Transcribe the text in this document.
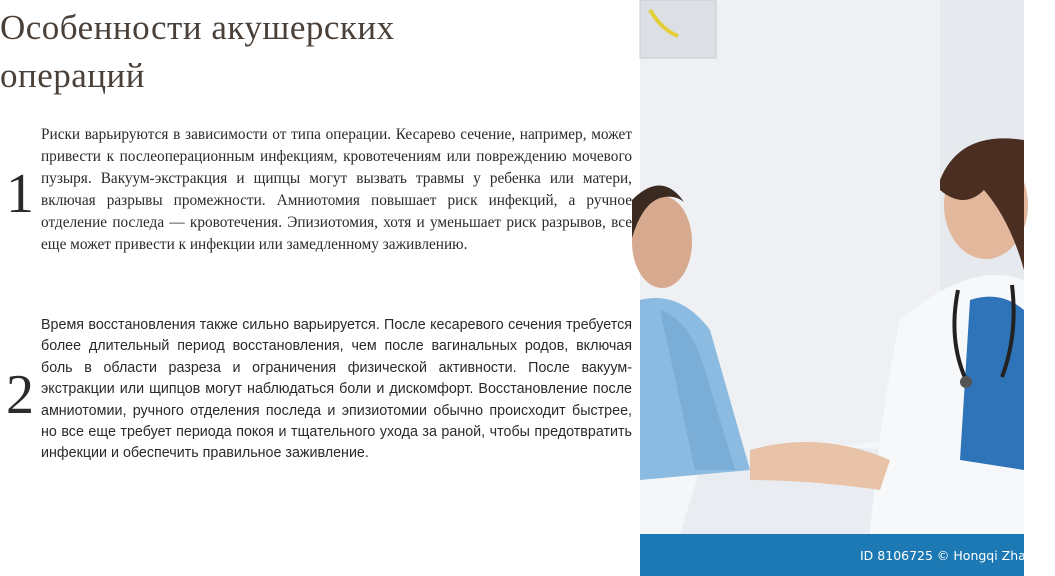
Особенности акушерских
операций
1
Риски варьируются в зависимости от типа операции. Кесарево сечение, например, может привести к послеоперационным инфекциям, кровотечениям или повреждению мочевого пузыря. Вакуум-экстракция и щипцы могут вызвать травмы у ребенка или матери, включая разрывы промежности. Амниотомия повышает риск инфекций, а ручное отделение последа — кровотечения. Эпизиотомия, хотя и уменьшает риск разрывов, все еще может привести к инфекции или замедленному заживлению.
2
Время восстановления также сильно варьируется. После кесаревого сечения требуется более длительный период восстановления, чем после вагинальных родов, включая боль в области разреза и ограничения физической активности. После вакуум-экстракции или щипцов могут наблюдаться боли и дискомфорт. Восстановление после амниотомии, ручного отделения последа и эпизиотомии обычно происходит быстрее, но все еще требует периода покоя и тщательного ухода за раной, чтобы предотвратить инфекции и обеспечить правильное заживление.
ID 8106725 © Hongqi Zhang &
